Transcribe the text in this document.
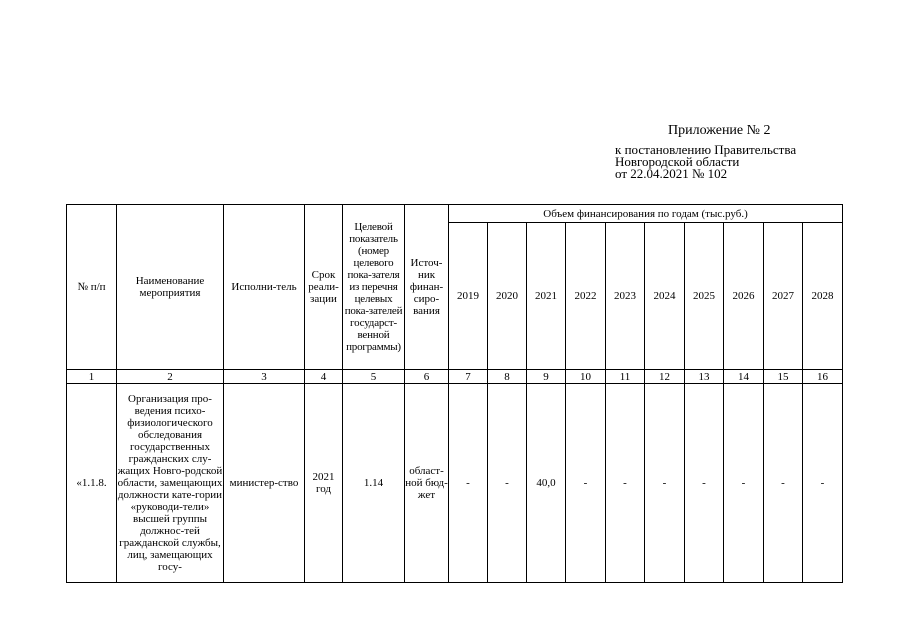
Приложение № 2
к постановлению Правительства
Новгородской области
от 22.04.2021 № 102
№ п/п	Наименование мероприятия	Исполни-тель	Срок реали-зации	Целевой показатель (номер целевого пока-зателя из перечня целевых пока-зателей государст-венной программы)	Источ-ник финан-сиро-вания	Объем финансирования по годам (тыс.руб.)									
						2019	2020	2021	2022	2023	2024	2025	2026	2027	2028
1	2	3	4	5	6	7	8	9	10	11	12	13	14	15	16
«1.1.8.	Организация про-ведения психо-физиологического обследования государственных гражданских слу-жащих Новго-родской области, замещающих должности кате-гории «руководи-тели» высшей группы должнос-тей гражданской службы, лиц, замещающих госу-	министер-ство	2021 год	1.14	област-ной бюд-жет	-	-	40,0	-	-	-	-	-	-	-
